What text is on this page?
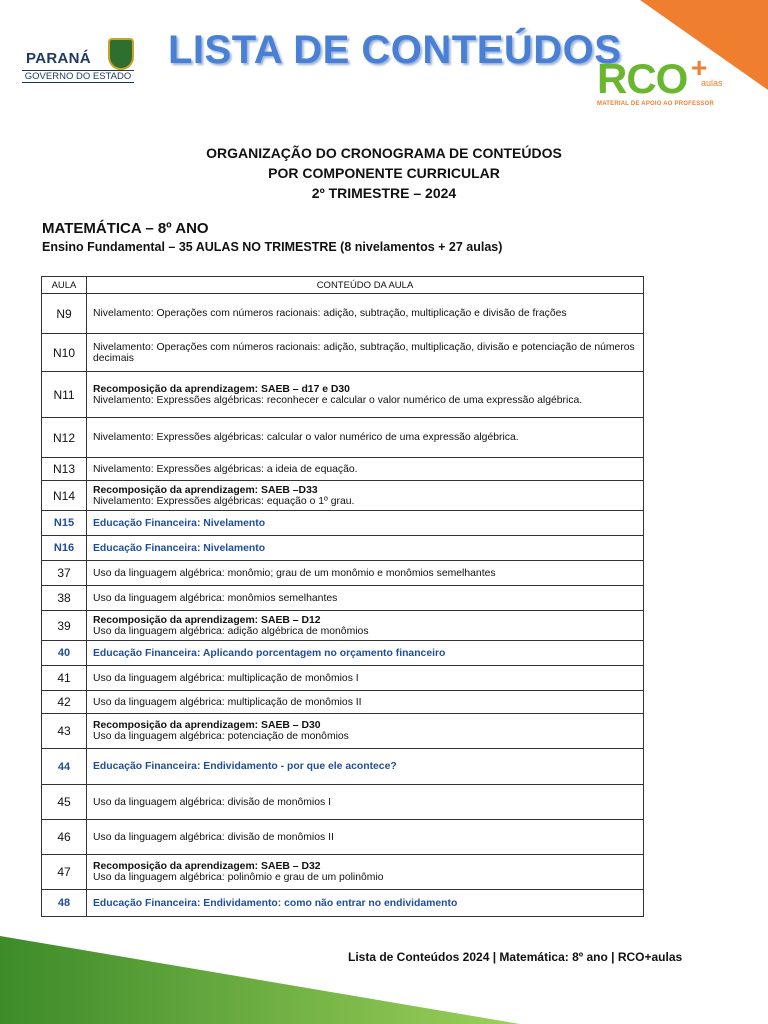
PARANÁ
GOVERNO DO ESTADO
LISTA DE CONTEÚDOS
RCO +
aulas
MATERIAL DE APOIO AO PROFESSOR
ORGANIZAÇÃO DO CRONOGRAMA DE CONTEÚDOS
POR COMPONENTE CURRICULAR
2º TRIMESTRE – 2024
MATEMÁTICA – 8º ANO
Ensino Fundamental – 35 AULAS NO TRIMESTRE (8 nivelamentos + 27 aulas)
AULA	CONTEÚDO DA AULA
N9	Nivelamento: Operações com números racionais: adição, subtração, multiplicação e divisão de frações

N10	Nivelamento: Operações com números racionais: adição, subtração, multiplicação, divisão e potenciação de números decimais

N11	Recomposição da aprendizagem: SAEB – d17 e D30
Nivelamento: Expressões algébricas: reconhecer e calcular o valor numérico de uma expressão algébrica.

N12	Nivelamento: Expressões algébricas: calcular o valor numérico de uma expressão algébrica.

N13	Nivelamento: Expressões algébricas: a ideia de equação.

N14	Recomposição da aprendizagem: SAEB –D33
Nivelamento: Expressões algébricas: equação o 1º grau.

N15	Educação Financeira: Nivelamento

N16	Educação Financeira: Nivelamento

37	Uso da linguagem algébrica: monômio; grau de um monômio e monômios semelhantes

38	Uso da linguagem algébrica: monômios semelhantes

39	Recomposição da aprendizagem: SAEB – D12
Uso da linguagem algébrica: adição algébrica de monômios

40	Educação Financeira: Aplicando porcentagem no orçamento financeiro

41	Uso da linguagem algébrica: multiplicação de monômios I

42	Uso da linguagem algébrica: multiplicação de monômios II

43	Recomposição da aprendizagem: SAEB – D30
Uso da linguagem algébrica: potenciação de monômios

44	Educação Financeira: Endividamento - por que ele acontece?

45	Uso da linguagem algébrica: divisão de monômios I

46	Uso da linguagem algébrica: divisão de monômios II

47	Recomposição da aprendizagem: SAEB – D32
Uso da linguagem algébrica: polinômio e grau de um polinômio

48	Educação Financeira: Endividamento: como não entrar no endividamento
Lista de Conteúdos 2024 | Matemática: 8º ano | RCO+aulas
